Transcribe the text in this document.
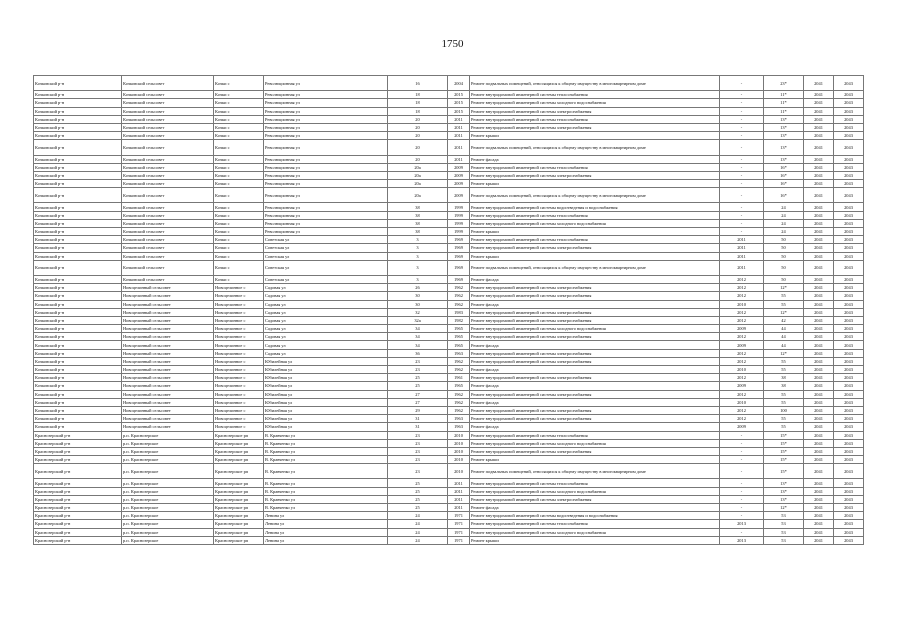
1750
Кочковский р-н	Кочковский сельсовет	Кочки с	Революционная ул	16	2004	Ремонт подвальных помещений, относящихся к общему имуществу в многоквартирном доме	-	23*	2041	2043
Кочковский р-н	Кочковский сельсовет	Кочки с	Революционная ул	18	2015	Ремонт внутридомовой инженерной системы теплоснабжения	-	11*	2041	2043
Кочковский р-н	Кочковский сельсовет	Кочки с	Революционная ул	18	2015	Ремонт внутридомовой инженерной системы холодного водоснабжения	-	11*	2041	2043
Кочковский р-н	Кочковский сельсовет	Кочки с	Революционная ул	18	2015	Ремонт внутридомовой инженерной системы электроснабжения	-	11*	2041	2043
Кочковский р-н	Кочковский сельсовет	Кочки с	Революционная ул	20	2011	Ремонт внутридомовой инженерной системы теплоснабжения	-	13*	2041	2043
Кочковский р-н	Кочковский сельсовет	Кочки с	Революционная ул	20	2011	Ремонт внутридомовой инженерной системы электроснабжения	-	13*	2041	2043
Кочковский р-н	Кочковский сельсовет	Кочки с	Революционная ул	20	2011	Ремонт крыши	-	13*	2041	2043
Кочковский р-н	Кочковский сельсовет	Кочки с	Революционная ул	20	2011	Ремонт подвальных помещений, относящихся к общему имуществу в многоквартирном доме	-	13*	2041	2043
Кочковский р-н	Кочковский сельсовет	Кочки с	Революционная ул	20	2011	Ремонт фасада	-	13*	2041	2043
Кочковский р-н	Кочковский сельсовет	Кочки с	Революционная ул	20а	2009	Ремонт внутридомовой инженерной системы теплоснабжения	-	16*	2041	2043
Кочковский р-н	Кочковский сельсовет	Кочки с	Революционная ул	20а	2009	Ремонт внутридомовой инженерной системы электроснабжения	-	16*	2041	2043
Кочковский р-н	Кочковский сельсовет	Кочки с	Революционная ул	20а	2009	Ремонт крыши	-	16*	2041	2043
Кочковский р-н	Кочковский сельсовет	Кочки с	Революционная ул	20а	2009	Ремонт подвальных помещений, относящихся к общему имуществу в многоквартирном доме	-	16*	2041	2043
Кочковский р-н	Кочковский сельсовет	Кочки с	Революционная ул	38	1999	Ремонт внутридомовой инженерной системы водоотведения и водоснабжения	-	24	2041	2043
Кочковский р-н	Кочковский сельсовет	Кочки с	Революционная ул	38	1999	Ремонт внутридомовой инженерной системы теплоснабжения	-	24	2041	2043
Кочковский р-н	Кочковский сельсовет	Кочки с	Революционная ул	38	1999	Ремонт внутридомовой инженерной системы холодного водоснабжения	-	24	2041	2043
Кочковский р-н	Кочковский сельсовет	Кочки с	Революционная ул	38	1999	Ремонт крыши	-	24	2041	2043
Кочковский р-н	Кочковский сельсовет	Кочки с	Советская ул	3	1969	Ремонт внутридомовой инженерной системы теплоснабжения	2011	50	2041	2043
Кочковский р-н	Кочковский сельсовет	Кочки с	Советская ул	3	1969	Ремонт внутридомовой инженерной системы электроснабжения	2011	50	2041	2043
Кочковский р-н	Кочковский сельсовет	Кочки с	Советская ул	3	1969	Ремонт крыши	2011	50	2041	2043
Кочковский р-н	Кочковский сельсовет	Кочки с	Советская ул	3	1969	Ремонт подвальных помещений, относящихся к общему имуществу в многоквартирном доме	2011	50	2041	2043
Кочковский р-н	Кочковский сельсовет	Кочки с	Советская ул	3	1969	Ремонт фасада	2012	50	2041	2043
Кочковский р-н	Новоцелинный сельсовет	Новоцелинное с	Садовая ул	26	1962	Ремонт внутридомовой инженерной системы электроснабжения	2012	12*	2041	2043
Кочковский р-н	Новоцелинный сельсовет	Новоцелинное с	Садовая ул	30	1962	Ремонт внутридомовой инженерной системы электроснабжения	2012	55	2041	2043
Кочковский р-н	Новоцелинный сельсовет	Новоцелинное с	Садовая ул	30	1962	Ремонт фасада	2010	55	2041	2043
Кочковский р-н	Новоцелинный сельсовет	Новоцелинное с	Садовая ул	32	1983	Ремонт внутридомовой инженерной системы электроснабжения	2012	12*	2041	2043
Кочковский р-н	Новоцелинный сельсовет	Новоцелинное с	Садовая ул	32а	1982	Ремонт внутридомовой инженерной системы электроснабжения	2012	42	2041	2043
Кочковский р-н	Новоцелинный сельсовет	Новоцелинное с	Садовая ул	34	1965	Ремонт внутридомовой инженерной системы холодного водоснабжения	2009	44	2041	2043
Кочковский р-н	Новоцелинный сельсовет	Новоцелинное с	Садовая ул	34	1965	Ремонт внутридомовой инженерной системы электроснабжения	2012	44	2041	2043
Кочковский р-н	Новоцелинный сельсовет	Новоцелинное с	Садовая ул	34	1965	Ремонт фасада	2009	44	2041	2043
Кочковский р-н	Новоцелинный сельсовет	Новоцелинное с	Садовая ул	36	1963	Ремонт внутридомовой инженерной системы электроснабжения	2012	12*	2041	2043
Кочковский р-н	Новоцелинный сельсовет	Новоцелинное с	Юбилейная ул	23	1962	Ремонт внутридомовой инженерной системы электроснабжения	2012	55	2041	2043
Кочковский р-н	Новоцелинный сельсовет	Новоцелинное с	Юбилейная ул	23	1962	Ремонт фасада	2010	55	2041	2043
Кочковский р-н	Новоцелинный сельсовет	Новоцелинное с	Юбилейная ул	25	1961	Ремонт внутридомовой инженерной системы электроснабжения	2012	38	2041	2043
Кочковский р-н	Новоцелинный сельсовет	Новоцелинное с	Юбилейная ул	25	1965	Ремонт фасада	2009	38	2041	2043
Кочковский р-н	Новоцелинный сельсовет	Новоцелинное с	Юбилейная ул	27	1962	Ремонт внутридомовой инженерной системы электроснабжения	2012	55	2041	2043
Кочковский р-н	Новоцелинный сельсовет	Новоцелинное с	Юбилейная ул	27	1962	Ремонт фасада	2010	55	2041	2043
Кочковский р-н	Новоцелинный сельсовет	Новоцелинное с	Юбилейная ул	29	1962	Ремонт внутридомовой инженерной системы электроснабжения	2012	100	2041	2043
Кочковский р-н	Новоцелинный сельсовет	Новоцелинное с	Юбилейная ул	31	1963	Ремонт внутридомовой инженерной системы электроснабжения	2012	55	2041	2043
Кочковский р-н	Новоцелинный сельсовет	Новоцелинное с	Юбилейная ул	31	1963	Ремонт фасада	2009	55	2041	2043
Краснозерский р-н	р.п. Краснозерское	Краснозерское рп	В. Кравченко ул	23	2010	Ремонт внутридомовой инженерной системы теплоснабжения	-	15*	2041	2043
Краснозерский р-н	р.п. Краснозерское	Краснозерское рп	В. Кравченко ул	23	2010	Ремонт внутридомовой инженерной системы холодного водоснабжения	-	15*	2041	2043
Краснозерский р-н	р.п. Краснозерское	Краснозерское рп	В. Кравченко ул	23	2010	Ремонт внутридомовой инженерной системы электроснабжения	-	15*	2041	2043
Краснозерский р-н	р.п. Краснозерское	Краснозерское рп	В. Кравченко ул	23	2010	Ремонт крыши	-	15*	2041	2043
Краснозерский р-н	р.п. Краснозерское	Краснозерское рп	В. Кравченко ул	23	2010	Ремонт подвальных помещений, относящихся к общему имуществу в многоквартирном доме	-	15*	2041	2043
Краснозерский р-н	р.п. Краснозерское	Краснозерское рп	В. Кравченко ул	25	2011	Ремонт внутридомовой инженерной системы теплоснабжения	-	13*	2041	2043
Краснозерский р-н	р.п. Краснозерское	Краснозерское рп	В. Кравченко ул	25	2011	Ремонт внутридомовой инженерной системы холодного водоснабжения	-	13*	2041	2043
Краснозерский р-н	р.п. Краснозерское	Краснозерское рп	В. Кравченко ул	25	2011	Ремонт внутридомовой инженерной системы электроснабжения	-	13*	2041	2043
Краснозерский р-н	р.п. Краснозерское	Краснозерское рп	В. Кравченко ул	25	2011	Ремонт фасада	-	12*	2041	2043
Краснозерский р-н	р.п. Краснозерское	Краснозерское рп	Ленина ул	24	1971	Ремонт внутридомовой инженерной системы водоотведения и водоснабжения	-	53	2041	2043
Краснозерский р-н	р.п. Краснозерское	Краснозерское рп	Ленина ул	24	1971	Ремонт внутридомовой инженерной системы теплоснабжения	2013	53	2041	2043
Краснозерский р-н	р.п. Краснозерское	Краснозерское рп	Ленина ул	24	1971	Ремонт внутридомовой инженерной системы холодного водоснабжения	-	53	2041	2043
Краснозерский р-н	р.п. Краснозерское	Краснозерское рп	Ленина ул	24	1971	Ремонт крыши	2013	53	2041	2043
